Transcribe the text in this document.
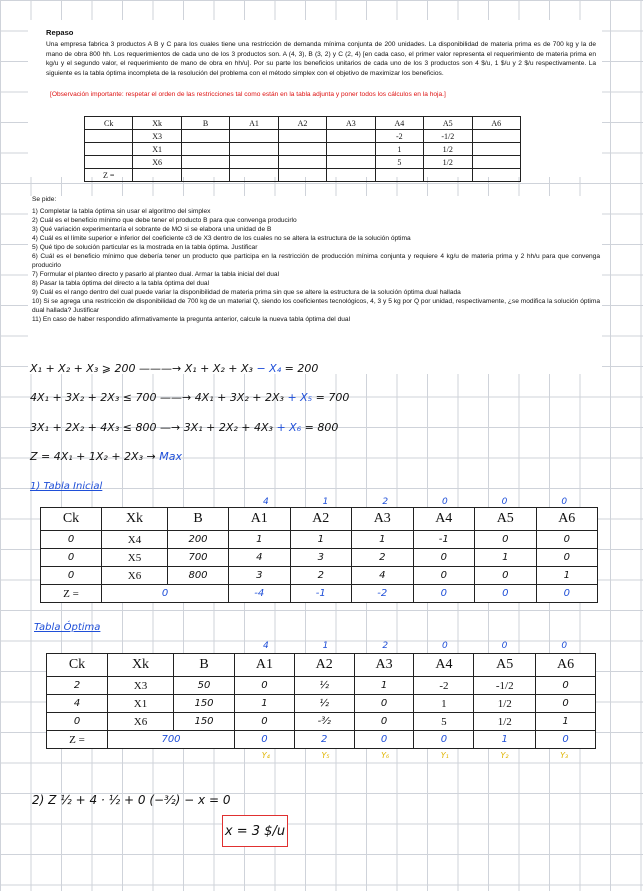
Repaso
Una empresa fabrica 3 productos A B y C para los cuales tiene una restricción de demanda mínima conjunta de 200 unidades. La disponibilidad de materia prima es de 700 kg y la de mano de obra 800 hh. Los requerimientos de cada uno de los 3 productos son. A (4, 3), B (3, 2) y C (2, 4) [en cada caso, el primer valor representa el requerimiento de materia prima en kg/u y el segundo valor, el requerimiento de mano de obra en hh/u]. Por su parte los beneficios unitarios de cada uno de los 3 productos son 4 $/u, 1 $/u y 2 $/u respectivamente. La siguiente es la tabla óptima incompleta de la resolución del problema con el método simplex con el objetivo de maximizar los beneficios.
[Observación importante: respetar el orden de las restricciones tal como están en la tabla adjunta y poner todos los cálculos en la hoja.]
Ck	Xk	B	A1	A2	A3	A4	A5	A6
	X3					-2	-1/2	
	X1					1	1/2	
	X6					5	1/2	
Z =								
Se pide:
1) Completar la tabla óptima sin usar el algoritmo del simplex
2) Cuál es el beneficio mínimo que debe tener el producto B para que convenga producirlo
3) Qué variación experimentaría el sobrante de MO si se elabora una unidad de B
4) Cuál es el límite superior e inferior del coeficiente c3 de X3 dentro de los cuales no se altera la estructura de la solución óptima
5) Qué tipo de solución particular es la mostrada en la tabla óptima. Justificar
6) Cuál es el beneficio mínimo que debería tener un producto que participa en la restricción de producción mínima conjunta y requiere 4 kg/u de materia prima y 2 hh/u para que convenga producirlo
7) Formular el planteo directo y pasarlo al planteo dual. Armar la tabla inicial del dual
8) Pasar la tabla óptima del directo a la tabla óptima del dual
9) Cuál es el rango dentro del cual puede variar la disponibilidad de materia prima sin que se altere la estructura de la solución óptima dual hallada
10) Si se agrega una restricción de disponibilidad de 700 kg de un material Q, siendo los coeficientes tecnológicos, 4, 3 y 5 kg por Q por unidad, respectivamente, ¿se modifica la solución óptima dual hallada? Justificar
11) En caso de haber respondido afirmativamente la pregunta anterior, calcule la nueva tabla óptima del dual
X₁ + X₂ + X₃ ⩾ 200 ———→ X₁ + X₂ + X₃ − X₄ = 200
4X₁ + 3X₂ + 2X₃ ≤ 700 ——→ 4X₁ + 3X₂ + 2X₃ + X₅ = 700
3X₁ + 2X₂ + 4X₃ ≤ 800 —→ 3X₁ + 2X₂ + 4X₃ + X₆ = 800
Z = 4X₁ + 1X₂ + 2X₃ → Max
1) Tabla Inicial
4	1	2	0	0	0
Ck	Xk	B	A1	A2	A3	A4	A5	A6
0	X4	200	1	1	1	-1	0	0
0	X5	700	4	3	2	0	1	0
0	X6	800	3	2	4	0	0	1
Z =	0		-4	-1	-2	0	0	0
Tabla Óptima
4	1	2	0	0	0
Ck	Xk	B	A1	A2	A3	A4	A5	A6
2	X3	50	0	½	1	-2	-1/2	0
4	X1	150	1	½	0	1	1/2	0
0	X6	150	0	-³⁄₂	0	5	1/2	1
Z =	700		0	2	0	0	1	0
Y₄	Y₅	Y₆	Y₁	Y₂	Y₃
2) Z ½ + 4 · ½ + 0 (−³⁄₂) − x = 0
x = 3 $/u
